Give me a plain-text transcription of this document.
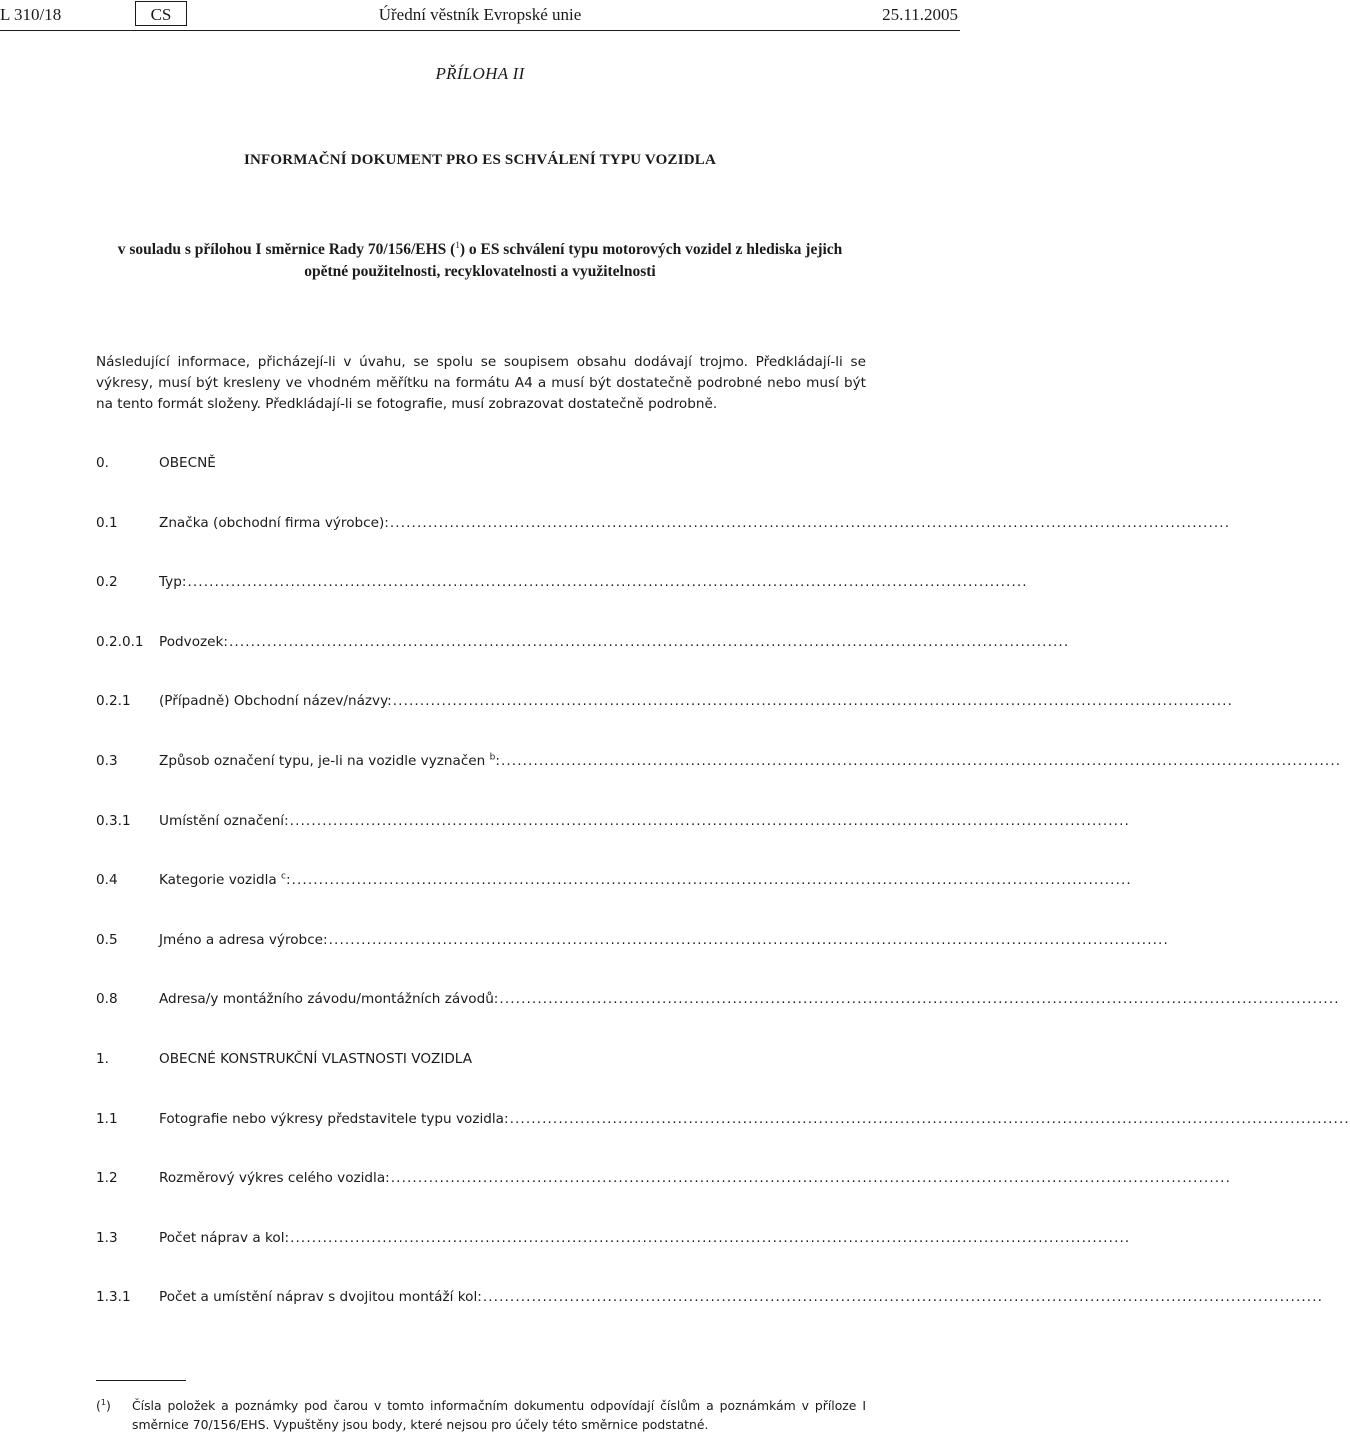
L 310/18	CS	Úřední věstník Evropské unie	25.11.2005
PŘÍLOHA II
INFORMAČNÍ DOKUMENT PRO ES SCHVÁLENÍ TYPU VOZIDLA
v souladu s přílohou I směrnice Rady 70/156/EHS ($^1$) o ES schválení typu motorových vozidel z hlediska jejich opětné použitelnosti, recyklovatelnosti a využitelnosti
Následující informace, přicházejí-li v úvahu, se spolu se soupisem obsahu dodávají trojmo. Předkládají-li se výkresy, musí být kresleny ve vhodném měřítku na formátu A4 a musí být dostatečně podrobné nebo musí být na tento formát složeny. Předkládají-li se fotografie, musí zobrazovat dostatečně podrobně.
0.	OBECNĚ
0.1	Značka (obchodní firma výrobce): ...........................................................................................................................................................
0.2	Typ: ...........................................................................................................................................................
0.2.0.1	Podvozek: ...........................................................................................................................................................
0.2.1	(Případně) Obchodní název/názvy: ...........................................................................................................................................................
0.3	Způsob označení typu, je-li na vozidle vyznačen $^b$: ...........................................................................................................................................................
0.3.1	Umístění označení: ...........................................................................................................................................................
0.4	Kategorie vozidla $^c$: ...........................................................................................................................................................
0.5	Jméno a adresa výrobce: ...........................................................................................................................................................
0.8	Adresa/y montážního závodu/montážních závodů: ...........................................................................................................................................................
1.	OBECNÉ KONSTRUKČNÍ VLASTNOSTI VOZIDLA
1.1	Fotografie nebo výkresy představitele typu vozidla: ...........................................................................................................................................................
1.2	Rozměrový výkres celého vozidla: ...........................................................................................................................................................
1.3	Počet náprav a kol: ...........................................................................................................................................................
1.3.1	Počet a umístění náprav s dvojitou montáží kol: ...........................................................................................................................................................
($^1$)	Čísla položek a poznámky pod čarou v tomto informačním dokumentu odpovídají číslům a poznámkám v příloze I směrnice 70/156/EHS. Vypuštěny jsou body, které nejsou pro účely této směrnice podstatné.
